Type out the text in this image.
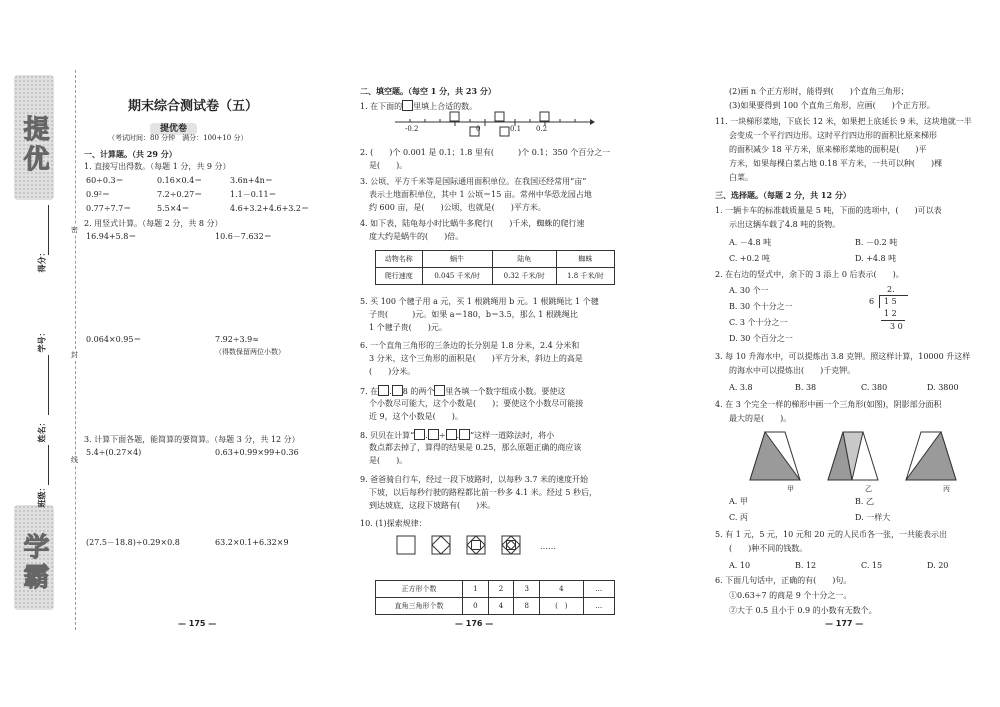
提优
学霸
得分：
学号：
姓名：
班级：
密
封
线
期末综合测试卷（五）
提优卷
（考试时间：80 分钟　满分：100+10 分）
一、计算题。（共 29 分）
1. 直接写出得数。（每题 1 分，共 9 分）
60÷0.3＝	0.16×0.4＝	3.6n+4n＝
0.9²＝	7.2÷0.27＝	1.1－0.11＝
0.77÷7.7＝	5.5×4＝	4.6+3.2+4.6+3.2＝
2. 用竖式计算。（每题 2 分，共 8 分）
16.94+5.8＝	10.6－7.632＝
0.064×0.95＝	7.92÷3.9≈
（得数保留两位小数）
3. 计算下面各题，能简算的要简算。（每题 3 分，共 12 分）
5.4÷(0.27×4)	0.63+0.99×99+0.36
(27.5－18.8)÷0.29×0.8	63.2×0.1+6.32×9
— 175 —
二、填空题。（每空 1 分，共 23 分）
1. 在下面的 里填上合适的数。
-0.2	0	0.1 0.2
2. (　　)个 0.001 是 0.1；1.8 里有(　　　)个 0.1；350 个百分之一
是(　　)。
3. 公顷、平方千米等是国际通用面积单位。在我国还经常用“亩”
表示土地面积单位，其中 1 公顷＝15 亩。常州中华恐龙园占地
约 600 亩，是(　　)公顷，也就是(　　)平方米。
4. 如下表，陆龟每小时比蜗牛多爬行(　　)千米，蜘蛛的爬行速
度大约是蜗牛的(　　)倍。
动物名称	蜗牛	陆龟	蜘蛛
爬行速度	0.045 千米/时	0.32 千米/时	1.8 千米/时
5. 买 100 个毽子用 a 元，买 1 根跳绳用 b 元。1 根跳绳比 1 个毽
子贵(　　　)元。如果 a＝180，b＝3.5，那么 1 根跳绳比
1 个毽子贵(　　)元。
6. 一个直角三角形的三条边的长分别是 1.8 分米，2.4 分米和
3 分米，这个三角形的面积是(　　)平方分米，斜边上的高是
(　　)分米。
7. 在 . 8 的两个 里各填一个数字组成小数。要使这
个小数尽可能大，这个小数是(　　)；要使这个小数尽可能接
近 9，这个小数是(　　)。
8. 贝贝在计算“ . ÷ . ”这样一道除法时，将小
数点都去掉了，算得的结果是 0.25，那么原题正确的商应该
是(　　)。
9. 爸爸骑自行车，经过一段下坡路时，以每秒 3.7 米的速度开始
下坡，以后每秒行驶的路程都比前一秒多 4.1 米。经过 5 秒后，
到达坡底，这段下坡路有(　　)米。
10. (1)探索规律：
……
正方形个数	1	2	3	4	…
直角三角形个数	0	4	8	(　)	…
— 176 —
(2)画 n 个正方形时，能得到(　　)个直角三角形；
(3)如果要得到 100 个直角三角形，应画(　　)个正方形。
11. 一块梯形菜地，下底长 12 米，如果把上底延长 9 米，这块地就一半
会变成一个平行四边形。这时平行四边形的面积比原来梯形
的面积减少 18 平方米，原来梯形菜地的面积是(　　)平
方米，如果每棵白菜占地 0.18 平方米，一共可以种(　　)棵
白菜。
三、选择题。（每题 2 分，共 12 分）
1. 一辆卡车的标准载质量是 5 吨，下面的选项中，(　　)可以表
示出这辆车载了4.8 吨的货物。
A. －4.8 吨	B. －0.2 吨
C. +0.2 吨	D. +4.8 吨
2. 在右边的竖式中，余下的 3 添上 0 后表示(　　)。
A. 30 个一
B. 30 个十分之一
C. 3 个十分之一
D. 30 个百分之一
2.
6 1 5
1 2
3 0
3. 每 10 升海水中，可以提炼出 3.8 克钾。照这样计算，10000 升这样
的海水中可以提炼出(　　)千克钾。
A. 3.8	B. 38	C. 380	D. 3800
4. 在 3 个完全一样的梯形中画一个三角形(如图)，阴影部分面积
最大的是(　　)。
甲	乙	丙
A. 甲	B. 乙
C. 丙	D. 一样大
5. 有 1 元，5 元，10 元和 20 元的人民币各一张，一共能表示出
(　　)种不同的钱数。
A. 10	B. 12	C. 15	D. 20
6. 下面几句话中，正确的有(　　)句。
①0.63÷7 的商是 9 个十分之一。
②大于 0.5 且小于 0.9 的小数有无数个。
— 177 —
